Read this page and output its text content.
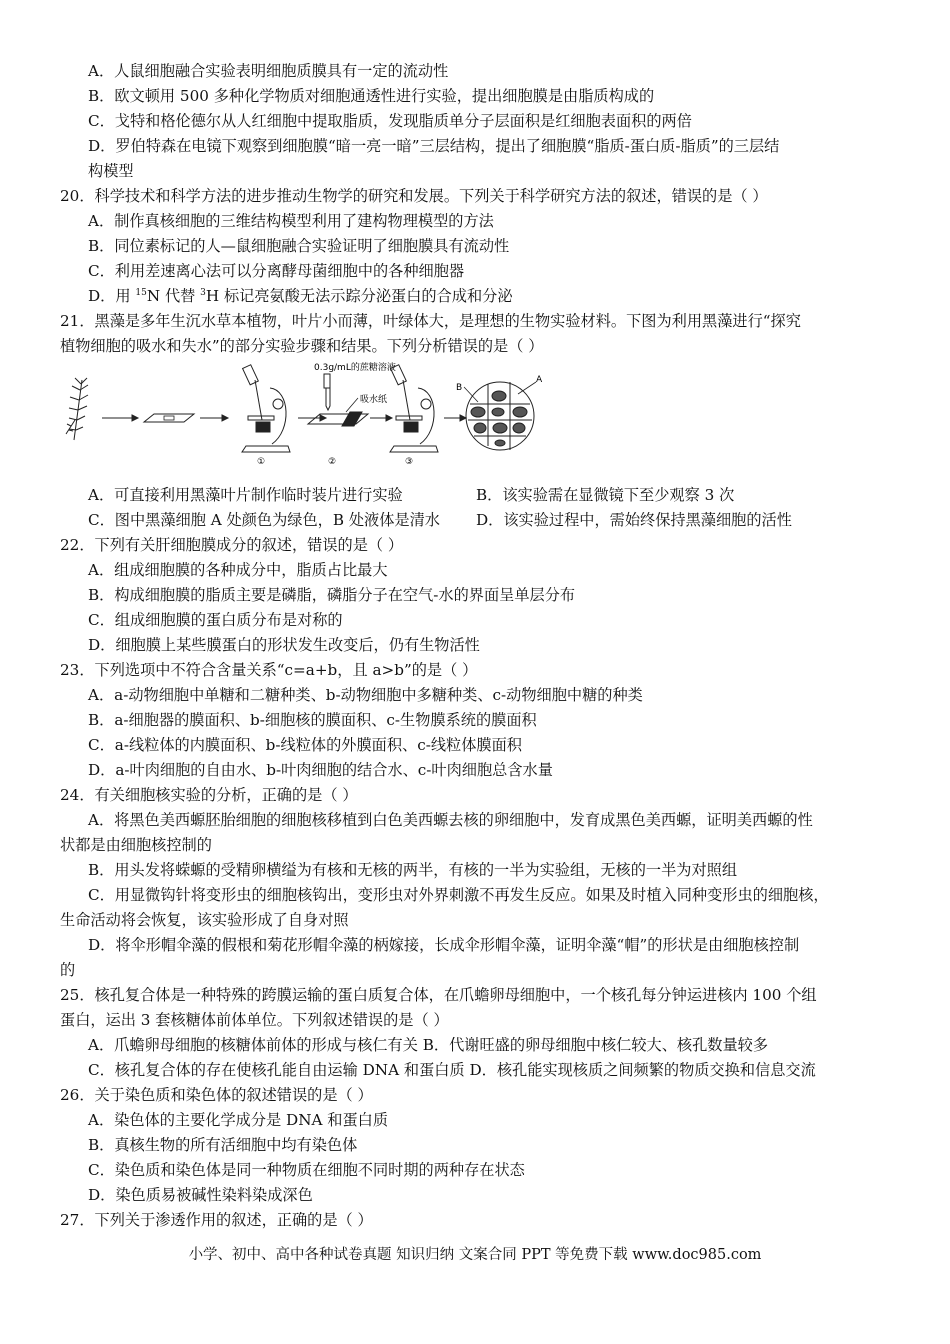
A．人鼠细胞融合实验表明细胞质膜具有一定的流动性
B．欧文顿用 500 多种化学物质对细胞通透性进行实验，提出细胞膜是由脂质构成的
C．戈特和格伦德尔从人红细胞中提取脂质，发现脂质单分子层面积是红细胞表面积的两倍
D．罗伯特森在电镜下观察到细胞膜“暗一亮一暗”三层结构，提出了细胞膜“脂质-蛋白质-脂质”的三层结
构模型
20．科学技术和科学方法的进步推动生物学的研究和发展。下列关于科学研究方法的叙述，错误的是（ ）
A．制作真核细胞的三维结构模型利用了建构物理模型的方法
B．同位素标记的人—鼠细胞融合实验证明了细胞膜具有流动性
C．利用差速离心法可以分离酵母菌细胞中的各种细胞器
D．用 $^{15}$N 代替 $^3$H 标记亮氨酸无法示踪分泌蛋白的合成和分泌
21．黑藻是多年生沉水草本植物，叶片小而薄，叶绿体大，是理想的生物实验材料。下图为利用黑藻进行“探究
植物细胞的吸水和失水”的部分实验步骤和结果。下列分析错误的是（ ）
①
0.3g/mL的蔗糖溶液
吸水纸
②	③
B
A
A．可直接利用黑藻叶片制作临时装片进行实验	B．该实验需在显微镜下至少观察 3 次
C．图中黑藻细胞 A 处颜色为绿色，B 处液体是清水 D．该实验过程中，需始终保持黑藻细胞的活性
22．下列有关肝细胞膜成分的叙述，错误的是（ ）
A．组成细胞膜的各种成分中，脂质占比最大
B．构成细胞膜的脂质主要是磷脂，磷脂分子在空气-水的界面呈单层分布
C．组成细胞膜的蛋白质分布是对称的
D．细胞膜上某些膜蛋白的形状发生改变后，仍有生物活性
23．下列选项中不符合含量关系“c=a+b，且 a>b”的是（ ）
A．a-动物细胞中单糖和二糖种类、b-动物细胞中多糖种类、c-动物细胞中糖的种类
B．a-细胞器的膜面积、b-细胞核的膜面积、c-生物膜系统的膜面积
C．a-线粒体的内膜面积、b-线粒体的外膜面积、c-线粒体膜面积
D．a-叶肉细胞的自由水、b-叶肉细胞的结合水、c-叶肉细胞总含水量
24．有关细胞核实验的分析，正确的是（ ）
A．将黑色美西螈胚胎细胞的细胞核移植到白色美西螈去核的卵细胞中，发育成黑色美西螈，证明美西螈的性
状都是由细胞核控制的
B．用头发将蝾螈的受精卵横缢为有核和无核的两半，有核的一半为实验组，无核的一半为对照组
C．用显微钩针将变形虫的细胞核钩出，变形虫对外界刺激不再发生反应。如果及时植入同种变形虫的细胞核，
生命活动将会恢复，该实验形成了自身对照
D．将伞形帽伞藻的假根和菊花形帽伞藻的柄嫁接，长成伞形帽伞藻，证明伞藻“帽”的形状是由细胞核控制
的
25．核孔复合体是一种特殊的跨膜运输的蛋白质复合体，在爪蟾卵母细胞中，一个核孔每分钟运进核内 100 个组
蛋白，运出 3 套核糖体前体单位。下列叙述错误的是（ ）
A．爪蟾卵母细胞的核糖体前体的形成与核仁有关 B．代谢旺盛的卵母细胞中核仁较大、核孔数量较多
C．核孔复合体的存在使核孔能自由运输 DNA 和蛋白质 D．核孔能实现核质之间频繁的物质交换和信息交流
26．关于染色质和染色体的叙述错误的是（ ）
A．染色体的主要化学成分是 DNA 和蛋白质
B．真核生物的所有活细胞中均有染色体
C．染色质和染色体是同一种物质在细胞不同时期的两种存在状态
D．染色质易被碱性染料染成深色
27．下列关于渗透作用的叙述，正确的是（ ）
小学、初中、高中各种试卷真题 知识归纳 文案合同 PPT 等免费下载 www.doc985.com
